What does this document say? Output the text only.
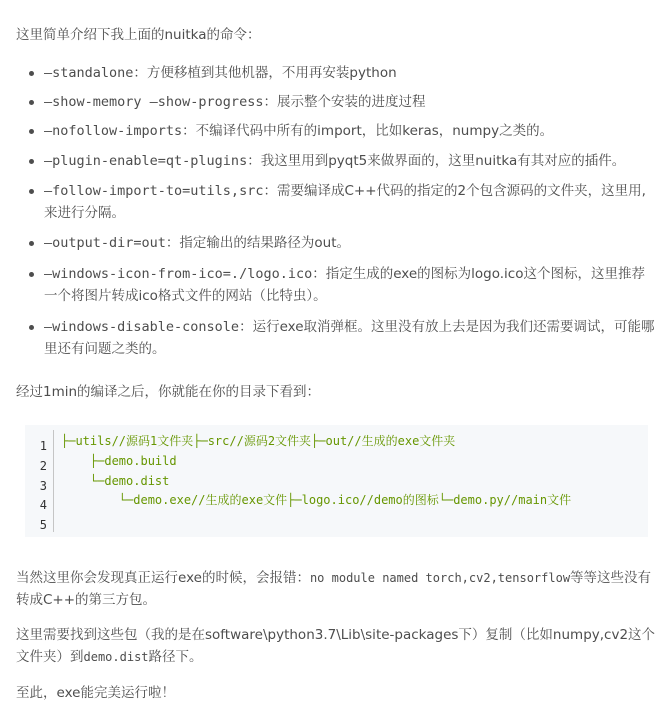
这里简单介绍下我上面的nuitka的命令：

—standalone：方便移植到其他机器，不用再安装python
—show-memory —show-progress：展示整个安装的进度过程
—nofollow-imports：不编译代码中所有的import，比如keras，numpy之类的。
—plugin-enable=qt-plugins：我这里用到pyqt5来做界面的，这里nuitka有其对应的插件。
—follow-import-to=utils,src：需要编译成C++代码的指定的2个包含源码的文件夹，这里用,来进行分隔。
—output-dir=out：指定输出的结果路径为out。
—windows-icon-from-ico=./logo.ico：指定生成的exe的图标为logo.ico这个图标，这里推荐一个将图片转成ico格式文件的网站（比特虫）。
—windows-disable-console：运行exe取消弹框。这里没有放上去是因为我们还需要调试，可能哪里还有问题之类的。

经过1min的编译之后，你就能在你的目录下看到：

1
2
3
4
5
├─utils//源码1文件夹├─src//源码2文件夹├─out//生成的exe文件夹
├─demo.build
└─demo.dist
└─demo.exe//生成的exe文件├─logo.ico//demo的图标└─demo.py//main文件

当然这里你会发现真正运行exe的时候，会报错：no module named torch,cv2,tensorflow等等这些没有转成C++的第三方包。

这里需要找到这些包（我的是在software\python3.7\Lib\site-packages下）复制（比如numpy,cv2这个文件夹）到demo.dist路径下。

至此，exe能完美运行啦！
